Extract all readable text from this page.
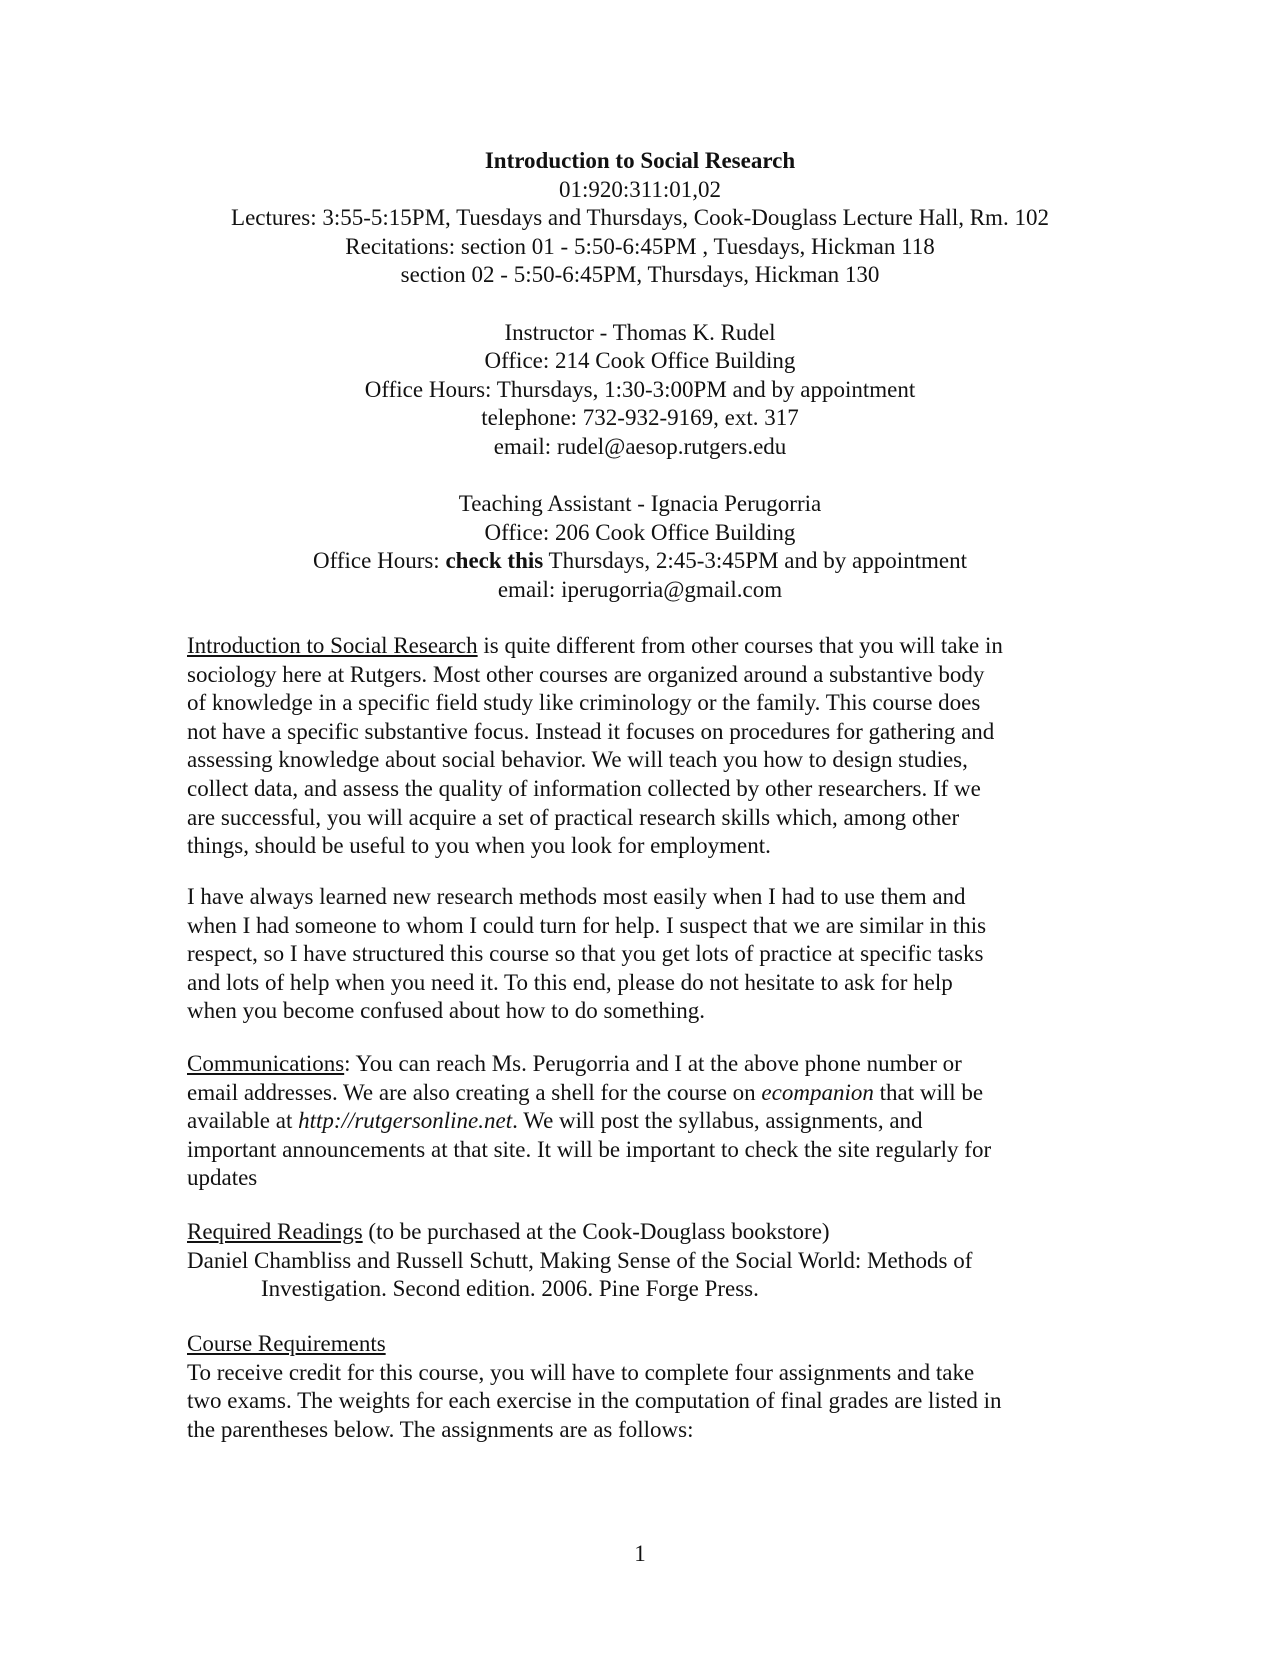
Introduction to Social Research
01:920:311:01,02
Lectures: 3:55-5:15PM, Tuesdays and Thursdays, Cook-Douglass Lecture Hall, Rm. 102
Recitations: section 01 - 5:50-6:45PM , Tuesdays, Hickman 118
section 02 - 5:50-6:45PM, Thursdays, Hickman 130
Instructor - Thomas K. Rudel
Office: 214 Cook Office Building
Office Hours: Thursdays, 1:30-3:00PM and by appointment
telephone: 732-932-9169, ext. 317
email: rudel@aesop.rutgers.edu
Teaching Assistant - Ignacia Perugorria
Office: 206 Cook Office Building
Office Hours: check this Thursdays, 2:45-3:45PM and by appointment
email: iperugorria@gmail.com
Introduction to Social Research is quite different from other courses that you will take in
sociology here at Rutgers. Most other courses are organized around a substantive body
of knowledge in a specific field study like criminology or the family. This course does
not have a specific substantive focus. Instead it focuses on procedures for gathering and
assessing knowledge about social behavior. We will teach you how to design studies,
collect data, and assess the quality of information collected by other researchers. If we
are successful, you will acquire a set of practical research skills which, among other
things, should be useful to you when you look for employment.
I have always learned new research methods most easily when I had to use them and
when I had someone to whom I could turn for help. I suspect that we are similar in this
respect, so I have structured this course so that you get lots of practice at specific tasks
and lots of help when you need it. To this end, please do not hesitate to ask for help
when you become confused about how to do something.
Communications: You can reach Ms. Perugorria and I at the above phone number or
email addresses. We are also creating a shell for the course on ecompanion that will be
available at http://rutgersonline.net. We will post the syllabus, assignments, and
important announcements at that site. It will be important to check the site regularly for
updates
Required Readings (to be purchased at the Cook-Douglass bookstore)
Daniel Chambliss and Russell Schutt, Making Sense of the Social World: Methods of
Investigation. Second edition. 2006. Pine Forge Press.
Course Requirements
To receive credit for this course, you will have to complete four assignments and take
two exams. The weights for each exercise in the computation of final grades are listed in
the parentheses below. The assignments are as follows:
1
